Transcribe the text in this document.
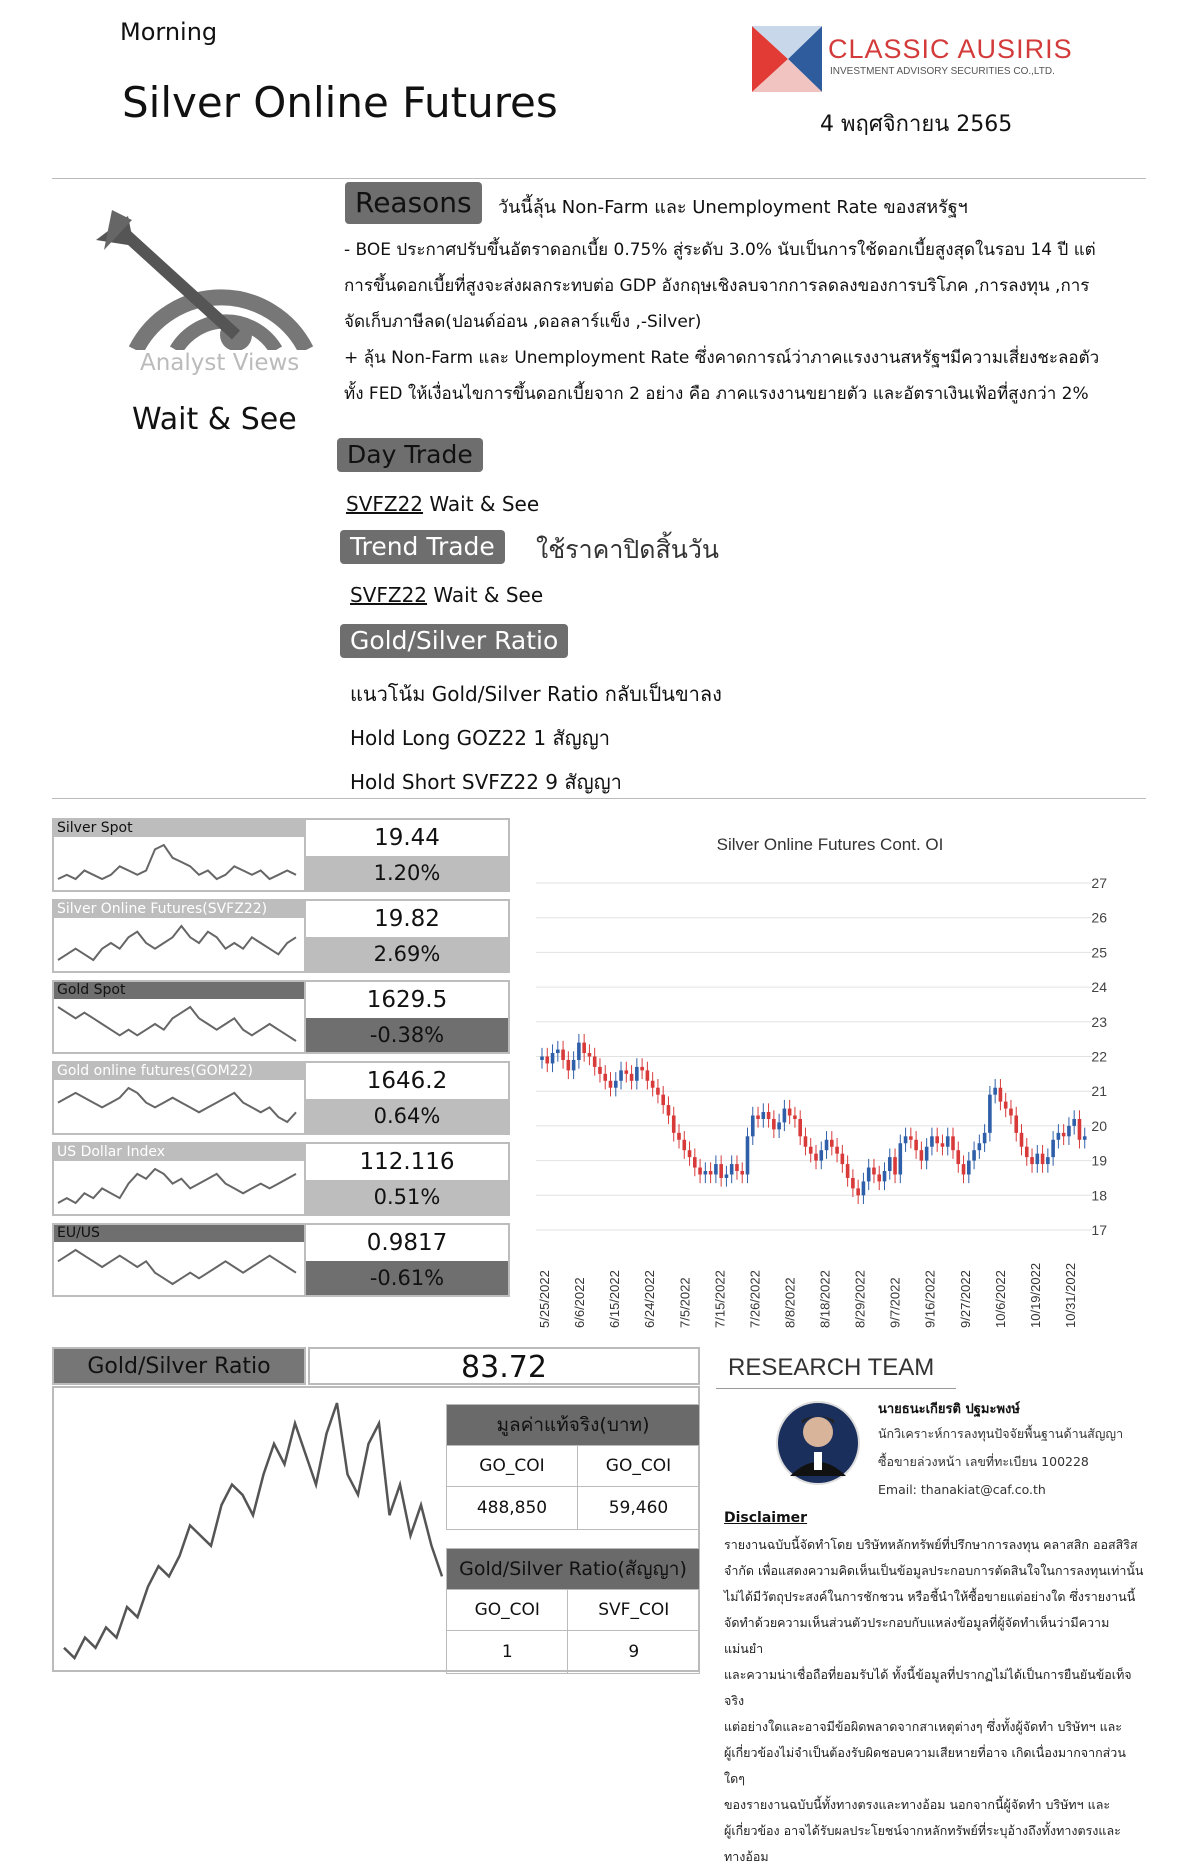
Morning
Silver Online Futures
CLASSIC AUSIRIS
INVESTMENT ADVISORY SECURITIES CO.,LTD.
4 พฤศจิกายน 2565
Analyst Views
Wait & See
Reasons	วันนี้ลุ้น Non-Farm และ Unemployment Rate ของสหรัฐฯ
- BOE ประกาศปรับขึ้นอัตราดอกเบี้ย 0.75% สู่ระดับ 3.0% นับเป็นการใช้ดอกเบี้ยสูงสุดในรอบ 14 ปี แต่
การขึ้นดอกเบี้ยที่สูงจะส่งผลกระทบต่อ GDP อังกฤษเชิงลบจากการลดลงของการบริโภค ,การลงทุน ,การ
จัดเก็บภาษีลด(ปอนด์อ่อน ,ดอลลาร์แข็ง ,-Silver)
+ ลุ้น Non-Farm และ Unemployment Rate ซึ่งคาดการณ์ว่าภาคแรงงานสหรัฐฯมีความเสี่ยงชะลอตัว
ทั้ง FED ให้เงื่อนไขการขึ้นดอกเบี้ยจาก 2 อย่าง คือ ภาคแรงงานขยายตัว และอัตราเงินเฟ้อที่สูงกว่า 2%
Day Trade
SVFZ22 Wait & See
Trend Trade	ใช้ราคาปิดสิ้นวัน
SVFZ22 Wait & See
Gold/Silver Ratio
แนวโน้ม Gold/Silver Ratio กลับเป็นขาลง
Hold Long GOZ22 1 สัญญา
Hold Short SVFZ22 9 สัญญา
Silver Spot	19.44
1.20%
Silver Online Futures(SVFZ22)	19.82
2.69%
Gold Spot	1629.5
-0.38%
Gold online futures(GOM22)	1646.2
0.64%
US Dollar Index	112.116
0.51%
EU/US	0.9817
-0.61%
Silver Online Futures Cont. OI
17
18
19
20
21
22
23
24
25
26
27
5/25/2022 6/6/2022 6/15/2022 6/24/2022 7/5/2022 7/15/2022 7/26/2022 8/8/2022 8/18/2022 8/29/2022 9/7/2022 9/16/2022 9/27/2022 10/6/2022 10/19/2022 10/31/2022
Gold/Silver Ratio	83.72
มูลค่าแท้จริง(บาท)	
GO_COI	GO_COI
488,850	59,460
Gold/Silver Ratio(สัญญา)	
GO_COI	SVF_COI
1	9
RESEARCH TEAM
นายธนะเกียรติ ปฐมะพงษ์
นักวิเคราะห์การลงทุนปัจจัยพื้นฐานด้านสัญญา
ซื้อขายล่วงหน้า เลขที่ทะเบียน 100228
Email: thanakiat@caf.co.th
Disclaimer
รายงานฉบับนี้จัดทำโดย บริษัทหลักทรัพย์ที่ปรึกษาการลงทุน คลาสสิก ออสสิริส
จำกัด เพื่อแสดงความคิดเห็นเป็นข้อมูลประกอบการตัดสินใจในการลงทุนเท่านั้น
ไม่ได้มีวัตถุประสงค์ในการชักชวน หรือชี้นำให้ซื้อขายแต่อย่างใด ซึ่งรายงานนี้
จัดทำด้วยความเห็นส่วนตัวประกอบกับแหล่งข้อมูลที่ผู้จัดทำเห็นว่ามีความแม่นยำ
และความน่าเชื่อถือที่ยอมรับได้ ทั้งนี้ข้อมูลที่ปรากฏไม่ได้เป็นการยืนยันข้อเท็จจริง
แต่อย่างใดและอาจมีข้อผิดพลาดจากสาเหตุต่างๆ ซึ่งทั้งผู้จัดทำ บริษัทฯ และ
ผู้เกี่ยวข้องไม่จำเป็นต้องรับผิดชอบความเสียหายที่อาจ เกิดเนื่องมากจากส่วนใดๆ
ของรายงานฉบับนี้ทั้งทางตรงและทางอ้อม นอกจากนี้ผู้จัดทำ บริษัทฯ และ
ผู้เกี่ยวข้อง อาจได้รับผลประโยชน์จากหลักทรัพย์ที่ระบุอ้างถึงทั้งทางตรงและ
ทางอ้อม
